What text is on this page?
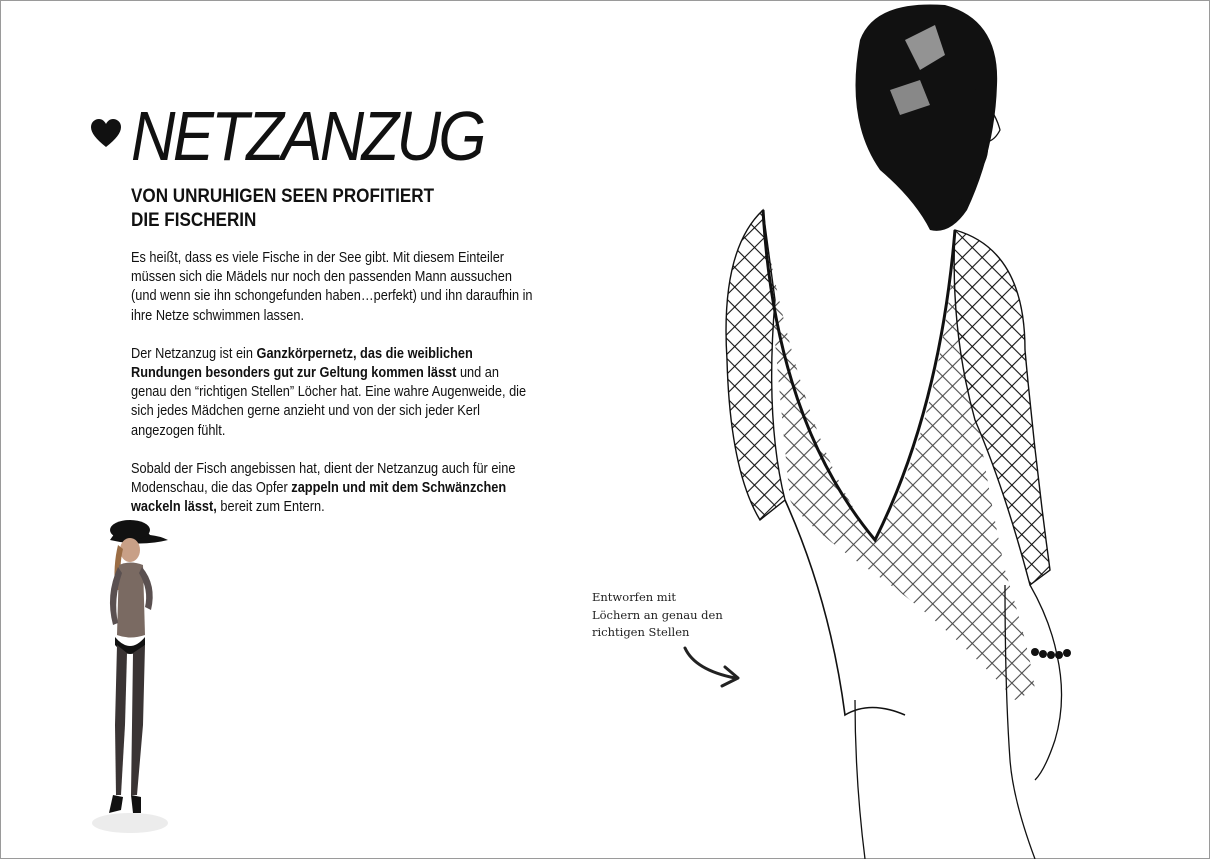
NETZANZUG
VON UNRUHIGEN SEEN PROFITIERT
DIE FISCHERIN

Es heißt, dass es viele Fische in der See gibt. Mit diesem Einteiler müssen sich die Mädels nur noch den passenden Mann aussuchen (und wenn sie ihn schongefunden haben…perfekt) und ihn daraufhin in ihre Netze schwimmen lassen.

Der Netzanzug ist ein Ganzkörpernetz, das die weiblichen Rundungen besonders gut zur Geltung kommen lässt und an genau den “richtigen Stellen” Löcher hat. Eine wahre Augenweide, die sich jedes Mädchen gerne anzieht und von der sich jeder Kerl angezogen fühlt.

Sobald der Fisch angebissen hat, dient der Netzanzug auch für eine Modenschau, die das Opfer zappeln und mit dem Schwänzchen wackeln lässt, bereit zum Entern.

Entworfen mit
Löchern an genau den
richtigen Stellen
